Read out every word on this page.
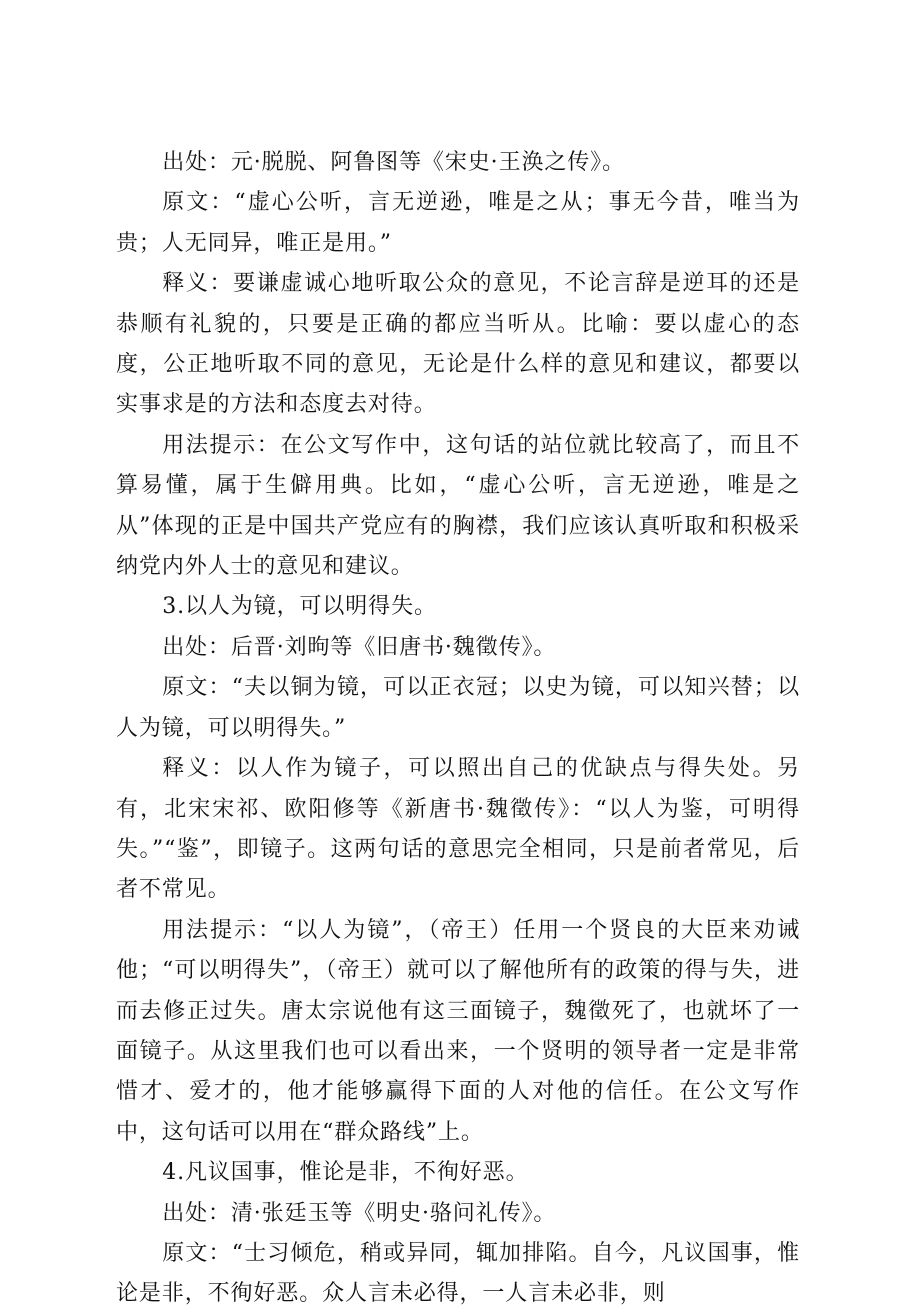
出处：元·脱脱、阿鲁图等《宋史·王涣之传》。

原文：“虚心公听，言无逆逊，唯是之从；事无今昔，唯当为贵；人无同异，唯正是用。”

释义：要谦虚诚心地听取公众的意见，不论言辞是逆耳的还是恭顺有礼貌的，只要是正确的都应当听从。比喻：要以虚心的态度，公正地听取不同的意见，无论是什么样的意见和建议，都要以实事求是的方法和态度去对待。

用法提示：在公文写作中，这句话的站位就比较高了，而且不算易懂，属于生僻用典。比如，“虚心公听，言无逆逊，唯是之从”体现的正是中国共产党应有的胸襟，我们应该认真听取和积极采纳党内外人士的意见和建议。

3.以人为镜，可以明得失。

出处：后晋·刘昫等《旧唐书·魏徵传》。

原文：“夫以铜为镜，可以正衣冠；以史为镜，可以知兴替；以人为镜，可以明得失。”

释义：以人作为镜子，可以照出自己的优缺点与得失处。另有，北宋宋祁、欧阳修等《新唐书·魏徵传》：“以人为鉴，可明得失。”“鉴”，即镜子。这两句话的意思完全相同，只是前者常见，后者不常见。

用法提示：“以人为镜”，（帝王）任用一个贤良的大臣来劝诫他；“可以明得失”，（帝王）就可以了解他所有的政策的得与失，进而去修正过失。唐太宗说他有这三面镜子，魏徵死了，也就坏了一面镜子。从这里我们也可以看出来，一个贤明的领导者一定是非常惜才、爱才的，他才能够赢得下面的人对他的信任。在公文写作中，这句话可以用在“群众路线”上。

4.凡议国事，惟论是非，不徇好恶。

出处：清·张廷玉等《明史·骆问礼传》。

原文：“士习倾危，稍或异同，辄加排陷。自今，凡议国事，惟论是非，不徇好恶。众人言未必得，一人言未必非，则
